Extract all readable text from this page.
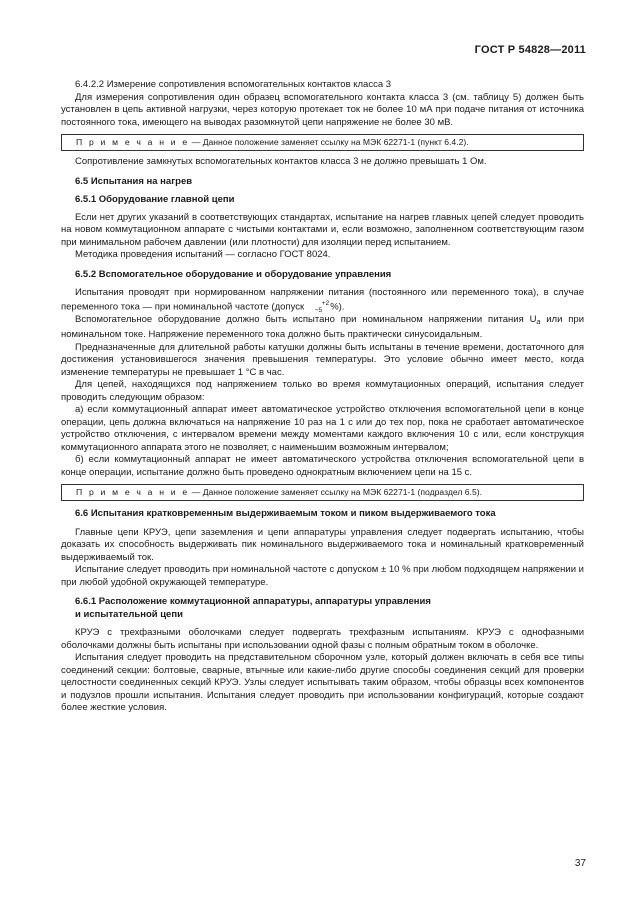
ГОСТ Р 54828—2011

6.4.2.2 Измерение сопротивления вспомогательных контактов класса 3

Для измерения сопротивления один образец вспомогательного контакта класса 3 (см. таблицу 5) должен быть установлен в цепь активной нагрузки, через которую протекает ток не более 10 мА при подаче питания от источника постоянного тока, имеющего на выводах разомкнутой цепи напряжение не более 30 мВ.

П р и м е ч а н и е — Данное положение заменяет ссылку на МЭК 62271-1 (пункт 6.4.2).

Сопротивление замкнутых вспомогательных контактов класса 3 не должно превышать 1 Ом.

6.5 Испытания на нагрев

6.5.1 Оборудование главной цепи

Если нет других указаний в соответствующих стандартах, испытание на нагрев главных цепей следует проводить на новом коммутационном аппарате с чистыми контактами и, если возможно, заполненном соответствующим газом при минимальном рабочем давлении (или плотности) для изоляции перед испытанием.

Методика проведения испытаний — согласно ГОСТ 8024.

6.5.2 Вспомогательное оборудование и оборудование управления

Испытания проводят при нормированном напряжении питания (постоянного или переменного тока), в случае переменного тока — при номинальной частоте (допуск	+2
−5 %).

Вспомогательное оборудование должно быть испытано при номинальном напряжении питания $U_a$ или при номинальном токе. Напряжение переменного тока должно быть практически синусоидальным.

Предназначенные для длительной работы катушки должны быть испытаны в течение времени, достаточного для достижения установившегося значения превышения температуры. Это условие обычно имеет место, когда изменение температуры не превышает 1 °С в час.

Для цепей, находящихся под напряжением только во время коммутационных операций, испытания следует проводить следующим образом:

а) если коммутационный аппарат имеет автоматическое устройство отключения вспомогательной цепи в конце операции, цепь должна включаться на напряжение 10 раз на 1 с или до тех пор, пока не сработает автоматическое устройство отключения, с интервалом времени между моментами каждого включения 10 с или, если конструкция коммутационного аппарата этого не позволяет, с наименьшим возможным интервалом;

б) если коммутационный аппарат не имеет автоматического устройства отключения вспомогательной цепи в конце операции, испытание должно быть проведено однократным включением цепи на 15 с.

П р и м е ч а н и е — Данное положение заменяет ссылку на МЭК 62271-1 (подраздел 6.5).

6.6 Испытания кратковременным выдерживаемым током и пиком выдерживаемого тока

Главные цепи КРУЭ, цепи заземления и цепи аппаратуры управления следует подвергать испытанию, чтобы доказать их способность выдерживать пик номинального выдерживаемого тока и номинальный кратковременный выдерживаемый ток.

Испытание следует проводить при номинальной частоте с допуском ± 10 % при любом подходящем напряжении и при любой удобной окружающей температуре.

6.6.1 Расположение коммутационной аппаратуры, аппаратуры управления

и испытательной цепи

КРУЭ с трехфазными оболочками следует подвергать трехфазным испытаниям. КРУЭ с однофазными оболочками должны быть испытаны при использовании одной фазы с полным обратным током в оболочке.

Испытания следует проводить на представительном сборочном узле, который должен включать в себя все типы соединений секции: болтовые, сварные, втычные или какие-либо другие способы соединения секций для проверки целостности соединенных секций КРУЭ. Узлы следует испытывать таким образом, чтобы образцы всех компонентов и подузлов прошли испытания. Испытания следует проводить при использовании конфигураций, которые создают более жесткие условия.

37
